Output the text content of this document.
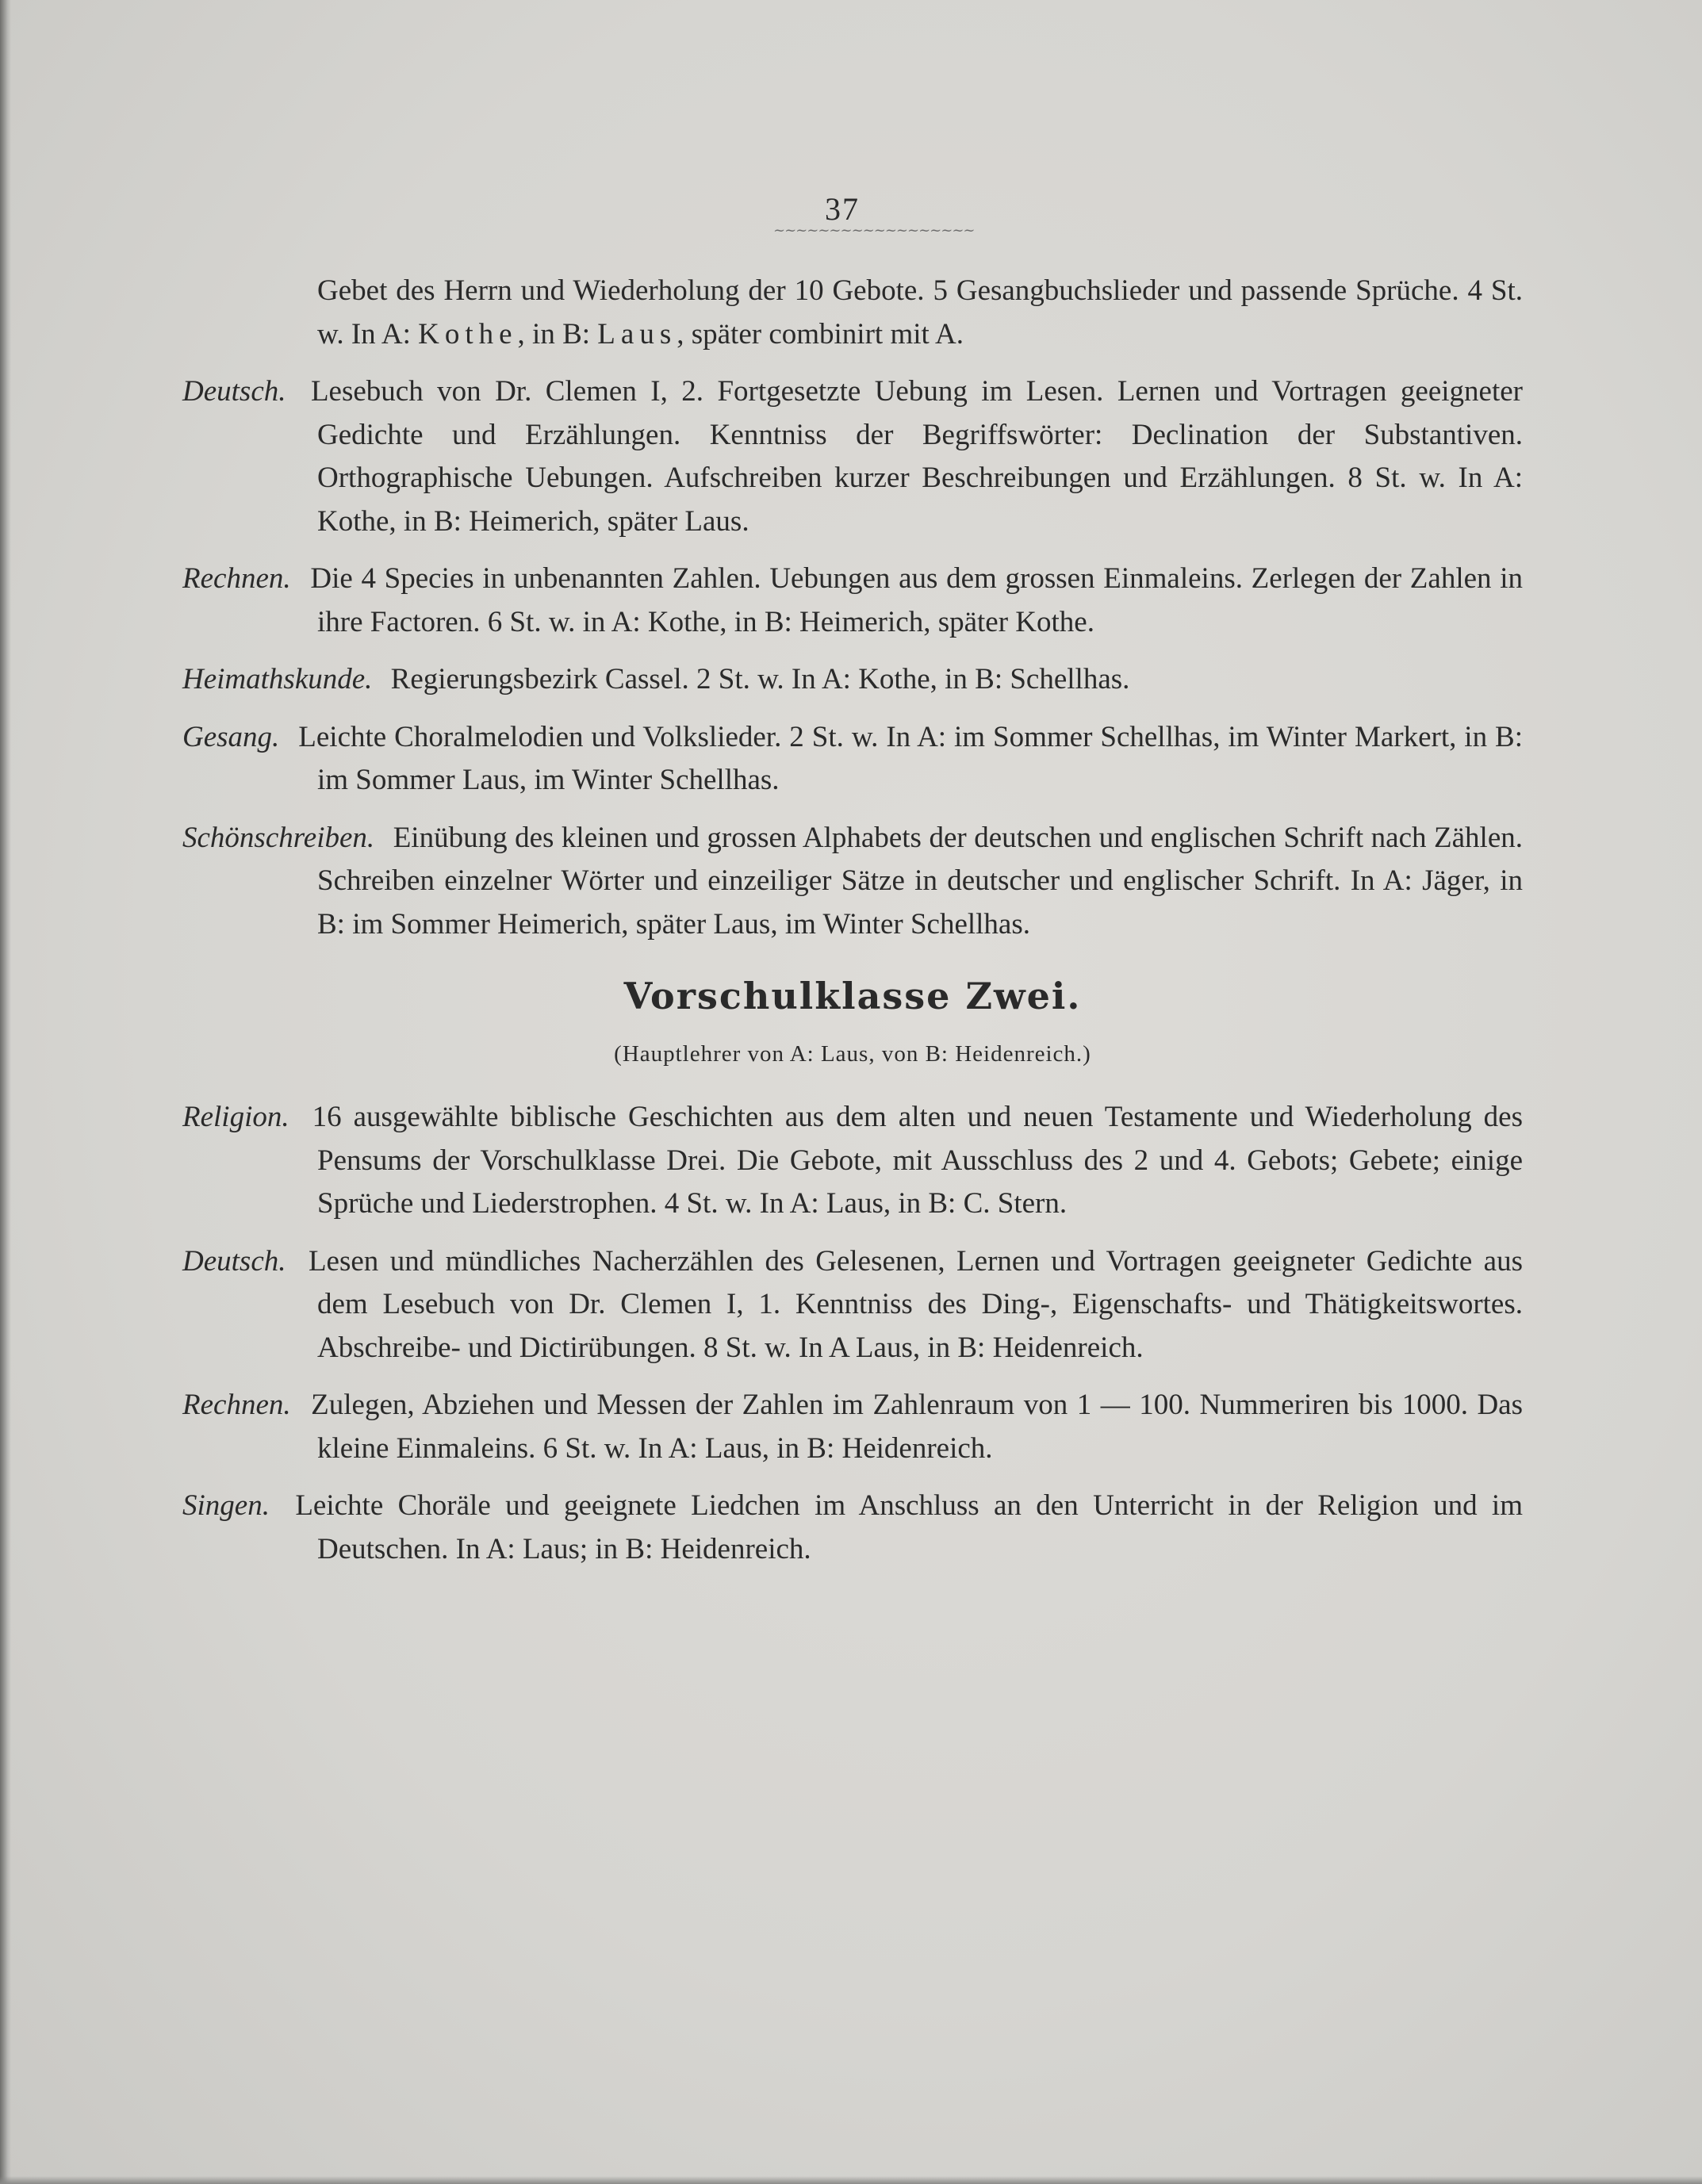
37
~~~~~~~~~~~~~~~~~~
Gebet des Herrn und Wiederholung der 10 Gebote. 5 Gesangbuchslieder und passende Sprüche. 4 St. w. In A: Kothe, in B: Laus, später combinirt mit A.
Deutsch. Lesebuch von Dr. Clemen I, 2. Fortgesetzte Uebung im Lesen. Lernen und Vortragen geeigneter Gedichte und Erzählungen. Kenntniss der Begriffswörter: Declination der Substantiven. Orthographische Uebungen. Aufschreiben kurzer Beschreibungen und Erzählungen. 8 St. w. In A: Kothe, in B: Heimerich, später Laus.
Rechnen. Die 4 Species in unbenannten Zahlen. Uebungen aus dem grossen Einmaleins. Zerlegen der Zahlen in ihre Factoren. 6 St. w. in A: Kothe, in B: Heimerich, später Kothe.
Heimathskunde. Regierungsbezirk Cassel. 2 St. w. In A: Kothe, in B: Schellhas.
Gesang. Leichte Choralmelodien und Volkslieder. 2 St. w. In A: im Sommer Schellhas, im Winter Markert, in B: im Sommer Laus, im Winter Schellhas.
Schönschreiben. Einübung des kleinen und grossen Alphabets der deutschen und englischen Schrift nach Zählen. Schreiben einzelner Wörter und einzeiliger Sätze in deutscher und englischer Schrift. In A: Jäger, in B: im Sommer Heimerich, später Laus, im Winter Schellhas.
Vorschulklasse Zwei.
(Hauptlehrer von A: Laus, von B: Heidenreich.)
Religion. 16 ausgewählte biblische Geschichten aus dem alten und neuen Testamente und Wiederholung des Pensums der Vorschulklasse Drei. Die Gebote, mit Ausschluss des 2 und 4. Gebots; Gebete; einige Sprüche und Liederstrophen. 4 St. w. In A: Laus, in B: C. Stern.
Deutsch. Lesen und mündliches Nacherzählen des Gelesenen, Lernen und Vortragen geeigneter Gedichte aus dem Lesebuch von Dr. Clemen I, 1. Kenntniss des Ding-, Eigenschafts- und Thätigkeitswortes. Abschreibe- und Dictirübungen. 8 St. w. In A Laus, in B: Heidenreich.
Rechnen. Zulegen, Abziehen und Messen der Zahlen im Zahlenraum von 1 — 100. Nummeriren bis 1000. Das kleine Einmaleins. 6 St. w. In A: Laus, in B: Heidenreich.
Singen. Leichte Choräle und geeignete Liedchen im Anschluss an den Unterricht in der Religion und im Deutschen. In A: Laus; in B: Heidenreich.
